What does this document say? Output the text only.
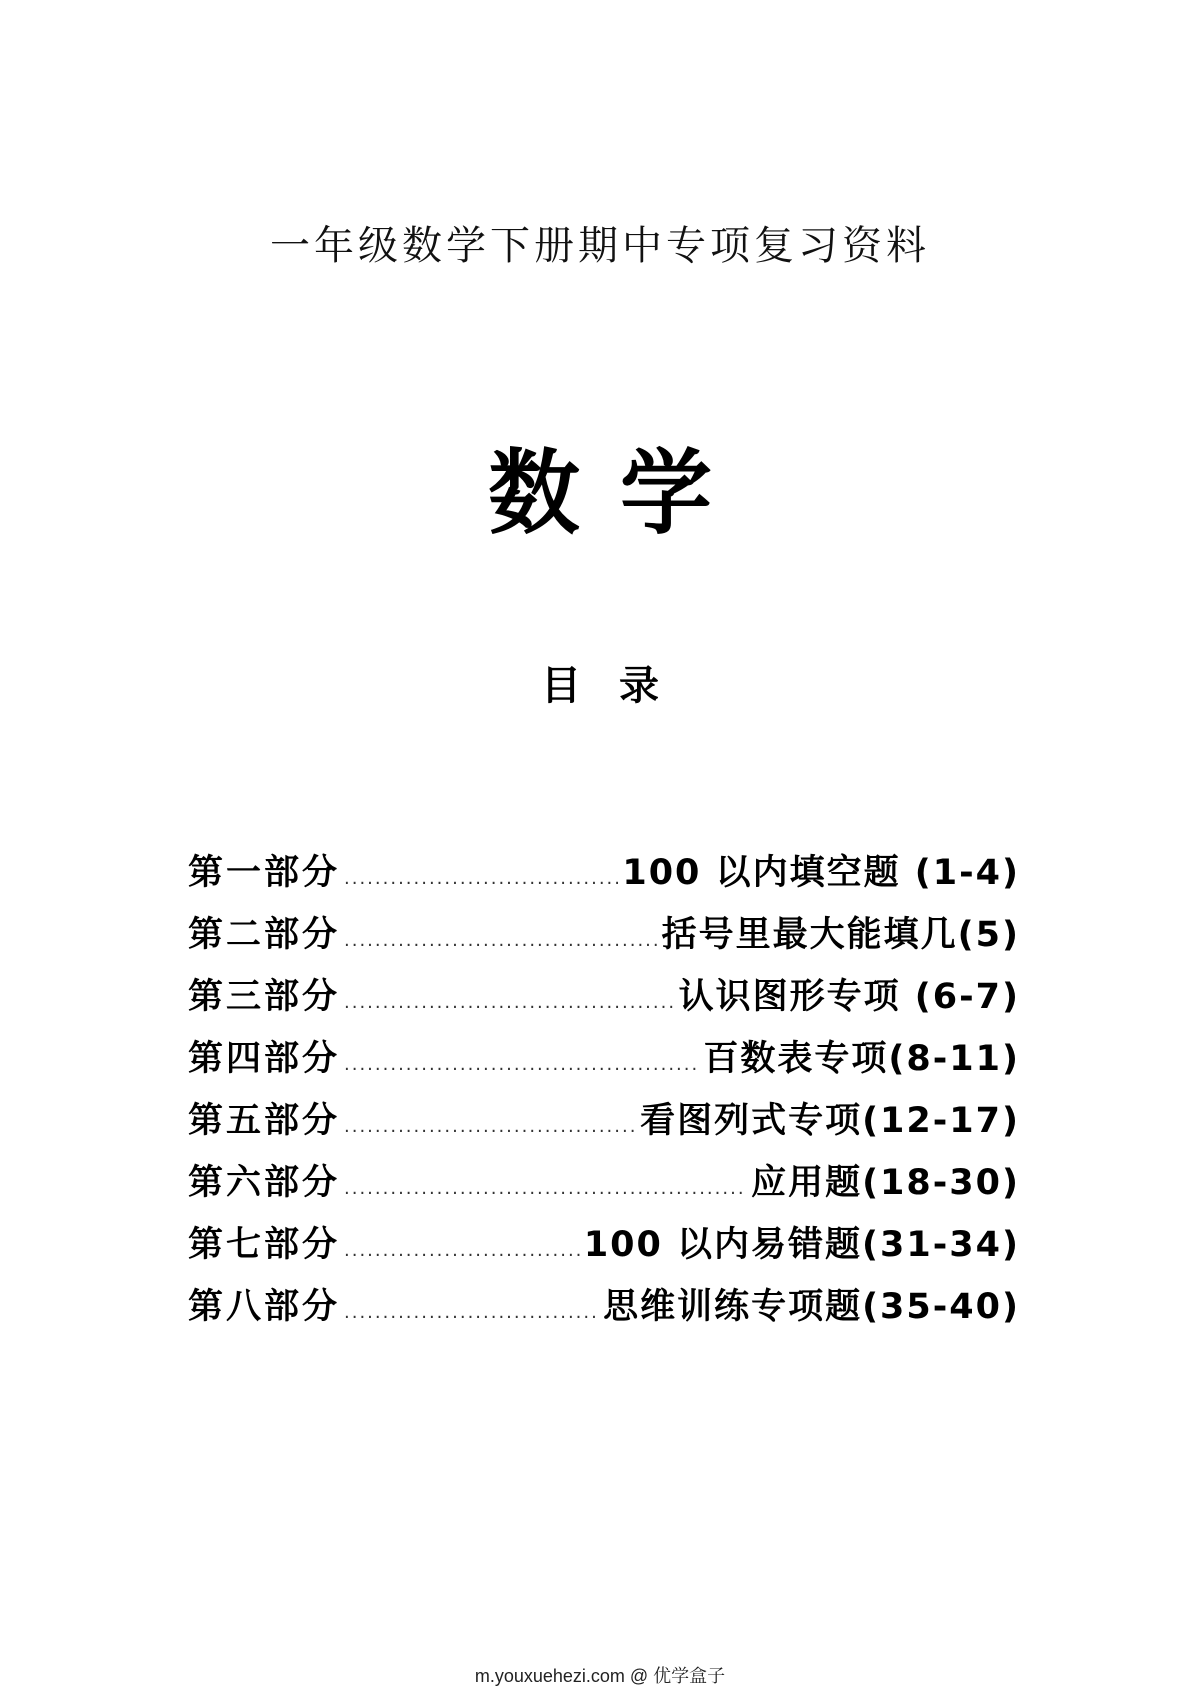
一年级数学下册期中专项复习资料
数学
目录
第一部分 .....	100 以内填空题 (1-4)
第二部分 .....	括号里最大能填几(5)
第三部分 .....	认识图形专项 (6-7)
第四部分 .....	百数表专项(8-11)
第五部分 .....	看图列式专项(12-17)
第六部分 .....	应用题(18-30)
第七部分 .....	100 以内易错题(31-34)
第八部分 .....	思维训练专项题(35-40)
m.youxuehezi.com @ 优学盒子
